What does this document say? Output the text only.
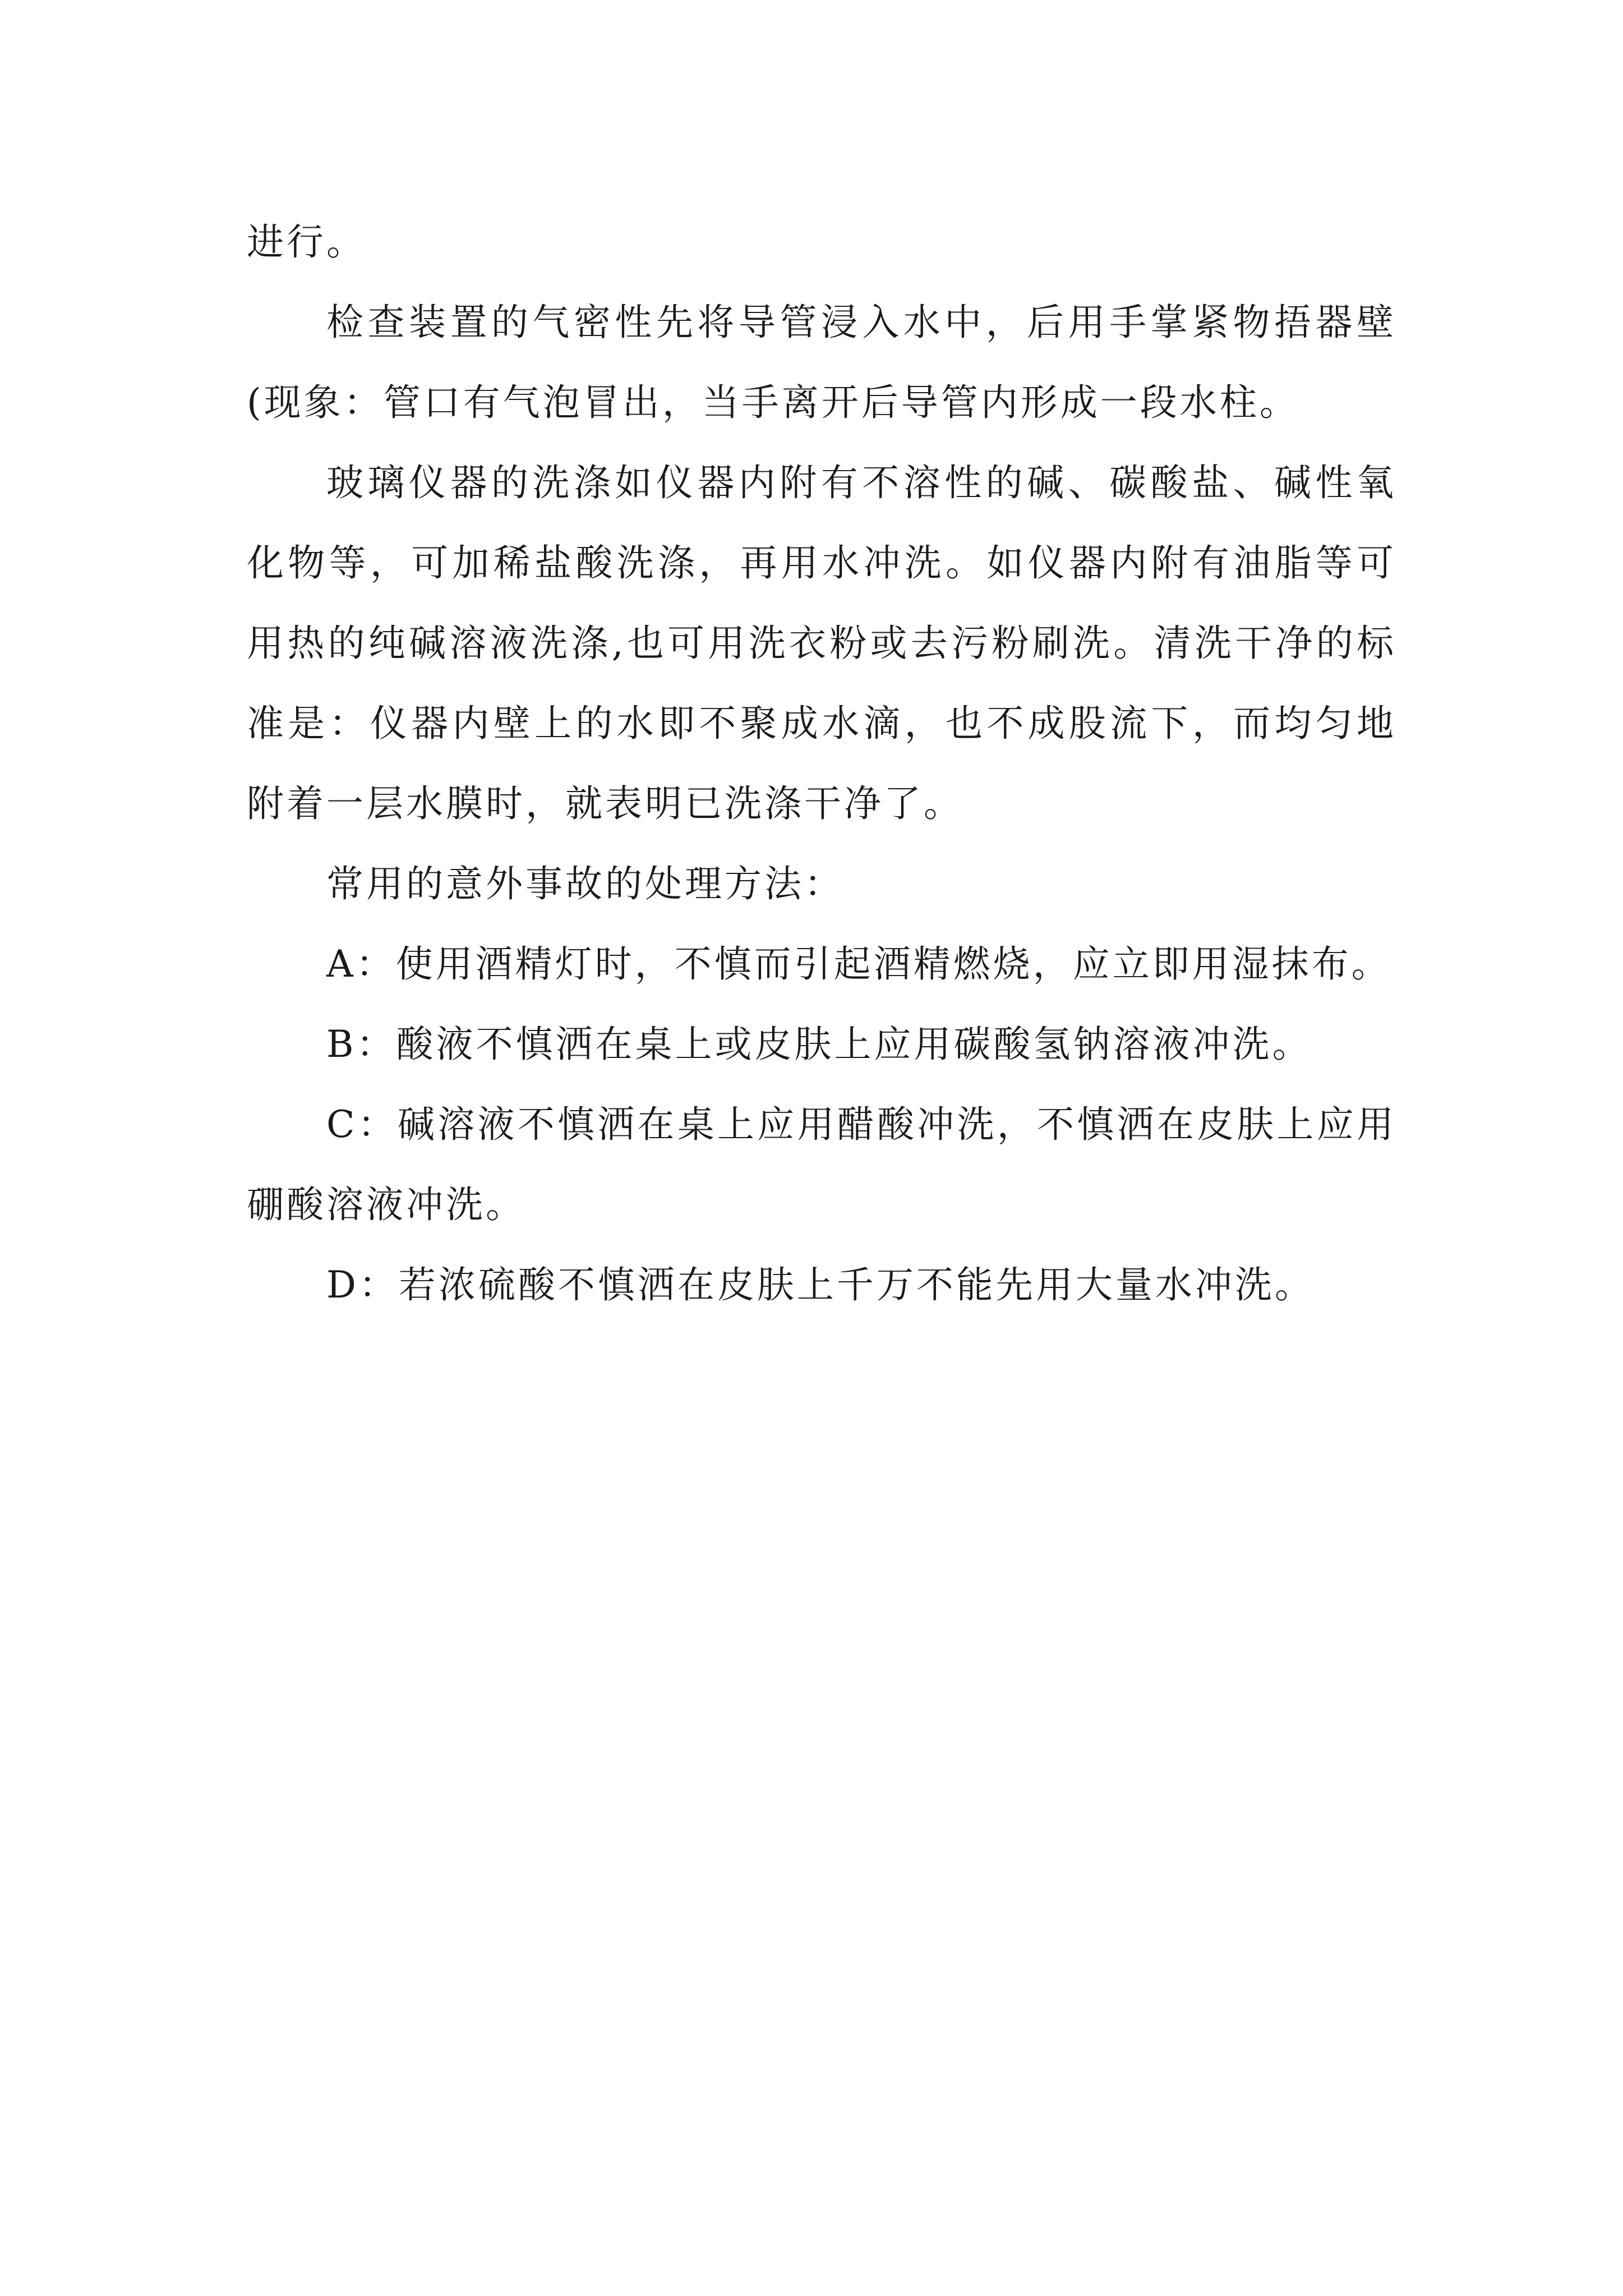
进行。

检查装置的气密性先将导管浸入水中，后用手掌紧物捂器壁(现象：管口有气泡冒出，当手离开后导管内形成一段水柱。

玻璃仪器的洗涤如仪器内附有不溶性的碱、碳酸盐、碱性氧化物等，可加稀盐酸洗涤，再用水冲洗。如仪器内附有油脂等可用热的纯碱溶液洗涤,也可用洗衣粉或去污粉刷洗。清洗干净的标准是：仪器内壁上的水即不聚成水滴，也不成股流下，而均匀地附着一层水膜时，就表明已洗涤干净了。

常用的意外事故的处理方法：

A：使用酒精灯时，不慎而引起酒精燃烧，应立即用湿抹布。

B：酸液不慎洒在桌上或皮肤上应用碳酸氢钠溶液冲洗。

C：碱溶液不慎洒在桌上应用醋酸冲洗，不慎洒在皮肤上应用硼酸溶液冲洗。

D：若浓硫酸不慎洒在皮肤上千万不能先用大量水冲洗。
